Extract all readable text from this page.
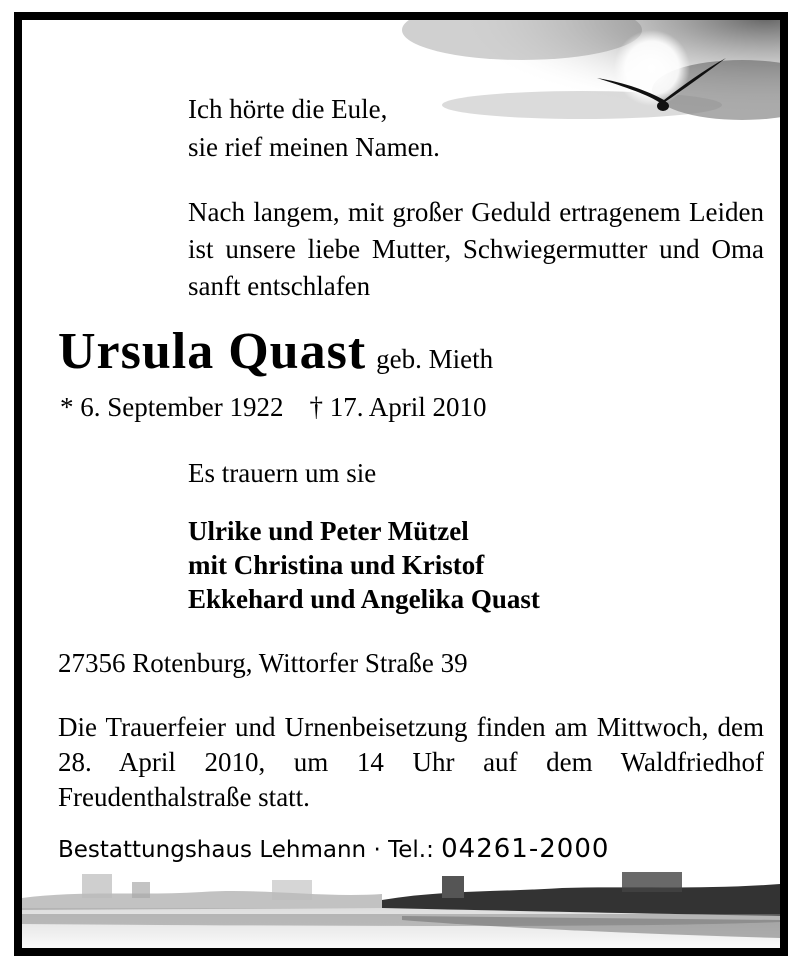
Ich hörte die Eule,
sie rief meinen Namen.
Nach langem, mit großer Geduld ertragenem Leiden ist unsere liebe Mutter, Schwiegermutter und Oma sanft entschlafen
Ursula Quast geb. Mieth
* 6. September 1922 † 17. April 2010
Es trauern um sie
Ulrike und Peter Mützel
mit Christina und Kristof
Ekkehard und Angelika Quast
27356 Rotenburg, Wittorfer Straße 39
Die Trauerfeier und Urnenbeisetzung finden am Mittwoch, dem 28. April 2010, um 14 Uhr auf dem Waldfriedhof Freudenthalstraße statt.
Bestattungshaus Lehmann · Tel.: 04261-2000
